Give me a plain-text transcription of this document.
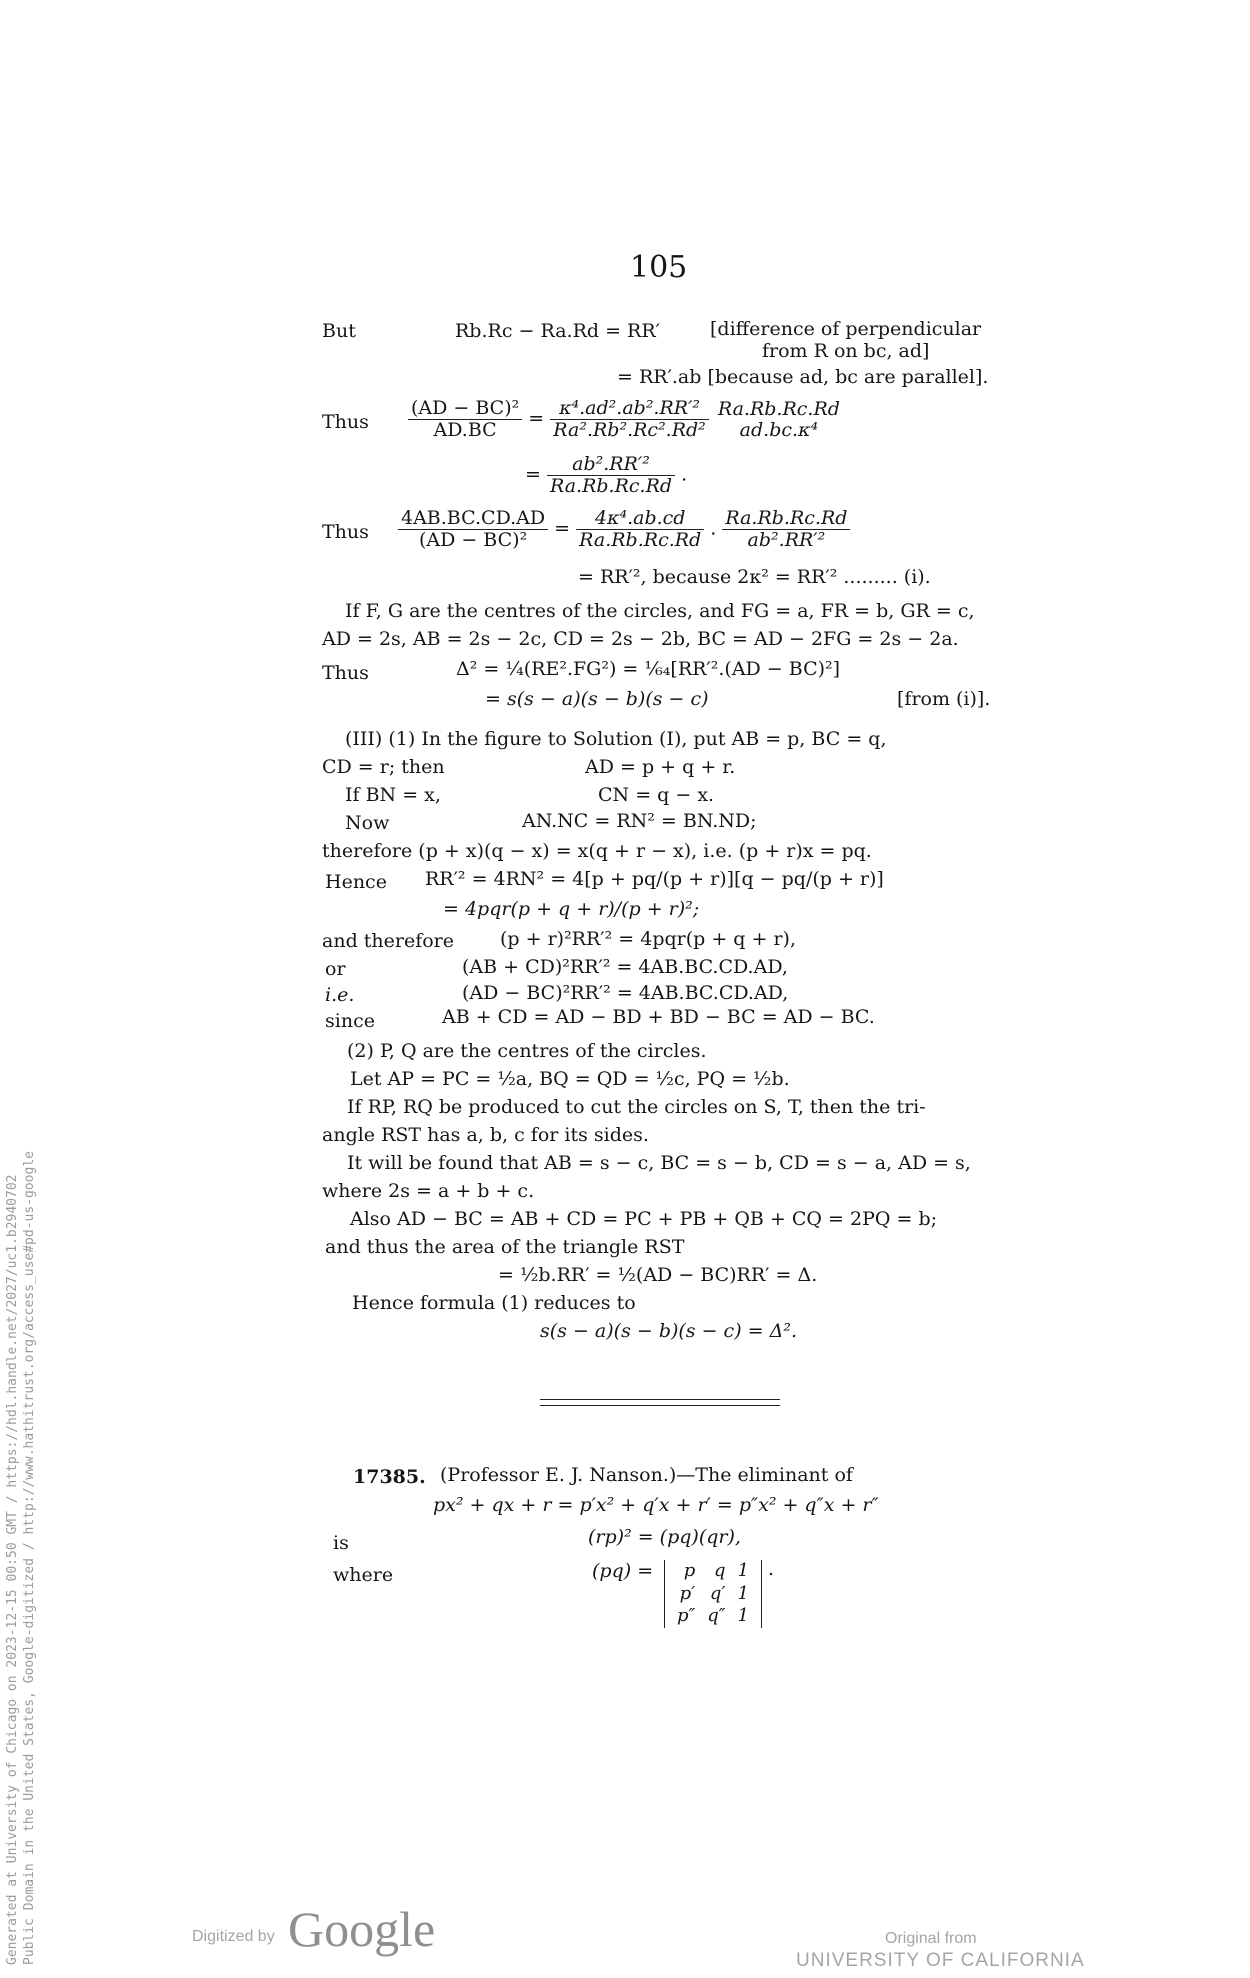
105
But	Rb.Rc − Ra.Rd = RR′	[difference of perpendicular
from R on bc, ad]
= RR′.ab [because ad, bc are parallel].
Thus $\frac{\text{(AD − BC)²}}{AD.BC} = \frac{\text{κ⁴.ad².ab².RR′²}}{\text{Ra².Rb².Rc².Rd²}}$
Ra.Rb.Rc.Rd
ad.bc.κ⁴
= $\frac{\text{ab².RR′²}}{Ra.Rb.Rc.Rd}$ .
Thus $\frac{4AB.BC.CD.AD}{\text{(AD − BC)²}} = \frac{\text{4κ⁴.ab.cd}}{Ra.Rb.Rc.Rd}$ . $\frac{Ra.Rb.Rc.Rd}{\text{ab².RR′²}}$
= RR′², because 2κ² = RR′² ......... (i).
If F, G are the centres of the circles, and FG = a, FR = b, GR = c,
AD = 2s, AB = 2s − 2c, CD = 2s − 2b, BC = AD − 2FG = 2s − 2a.
Thus	Δ² = ¼(RE².FG²) = ¹⁄₆₄[RR′².(AD − BC)²]
= s(s − a)(s − b)(s − c)	[from (i)].
(III) (1) In the figure to Solution (I), put AB = p, BC = q,
CD = r; then	AD = p + q + r.
If BN = x,	CN = q − x.
Now	AN.NC = RN² = BN.ND;
therefore (p + x)(q − x) = x(q + r − x), i.e. (p + r)x = pq.
Hence RR′² = 4RN² = 4[p + pq/(p + r)][q − pq/(p + r)]
= 4pqr(p + q + r)/(p + r)²;
and therefore (p + r)²RR′² = 4pqr(p + q + r),
or	(AB + CD)²RR′² = 4AB.BC.CD.AD,
i.e.	(AD − BC)²RR′² = 4AB.BC.CD.AD,
since	AB + CD = AD − BD + BD − BC = AD − BC.
(2) P, Q are the centres of the circles.
Let AP = PC = ½a, BQ = QD = ½c, PQ = ½b.
If RP, RQ be produced to cut the circles on S, T, then the tri-
angle RST has a, b, c for its sides.
It will be found that AB = s − c, BC = s − b, CD = s − a, AD = s,
where 2s = a + b + c.
Also AD − BC = AB + CD = PC + PB + QB + CQ = 2PQ = b;
and thus the area of the triangle RST
= ½b.RR′ = ½(AD − BC)RR′ = Δ.
Hence formula (1) reduces to
s(s − a)(s − b)(s − c) = Δ².
17385. (Professor E. J. Nanson.)—The eliminant of
px² + qx + r = p′x² + q′x + r′ = p″x² + q″x + r″
is	(rp)² = (pq)(qr),
where	(pq) = p	q	1
p′	q′	1
p″	q″	1
.
Generated at University of Chicago on 2023-12-15 00:50 GMT / https://hdl.handle.net/2027/uc1.b2940702 Public Domain in the United States, Google-digitized / http://www.hathitrust.org/access_use#pd-us-google	Digitized by Google	Original from
UNIVERSITY OF CALIFORNIA
